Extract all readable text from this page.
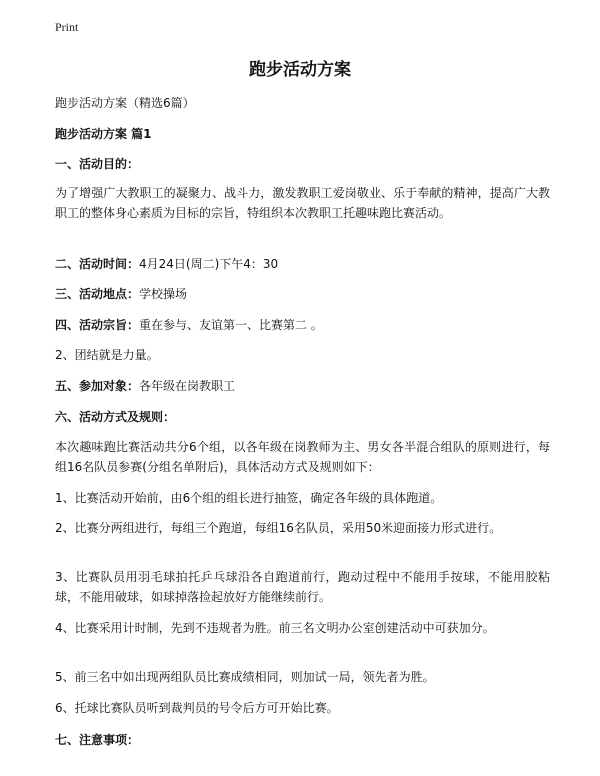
Print
跑步活动方案
跑步活动方案（精选6篇）
跑步活动方案 篇1
一、活动目的：
为了增强广大教职工的凝聚力、战斗力，激发教职工爱岗敬业、乐于奉献的精神，提高广大教职工的整体身心素质为目标的宗旨，特组织本次教职工托趣味跑比赛活动。
二、活动时间：4月24日(周二)下午4：30
三、活动地点：学校操场
四、活动宗旨：重在参与、友谊第一、比赛第二 。
2、团结就是力量。
五、参加对象：各年级在岗教职工
六、活动方式及规则：
本次趣味跑比赛活动共分6个组，以各年级在岗教师为主、男女各半混合组队的原则进行，每组16名队员参赛(分组名单附后)，具体活动方式及规则如下：
1、比赛活动开始前，由6个组的组长进行抽签，确定各年级的具体跑道。
2、比赛分两组进行，每组三个跑道，每组16名队员，采用50米迎面接力形式进行。
3、比赛队员用羽毛球拍托乒乓球沿各自跑道前行，跑动过程中不能用手按球，不能用胶粘球，不能用破球，如球掉落捡起放好方能继续前行。
4、比赛采用计时制，先到不违规者为胜。前三名文明办公室创建活动中可获加分。
5、前三名中如出现两组队员比赛成绩相同，则加试一局，领先者为胜。
6、托球比赛队员听到裁判员的号令后方可开始比赛。
七、注意事项：
